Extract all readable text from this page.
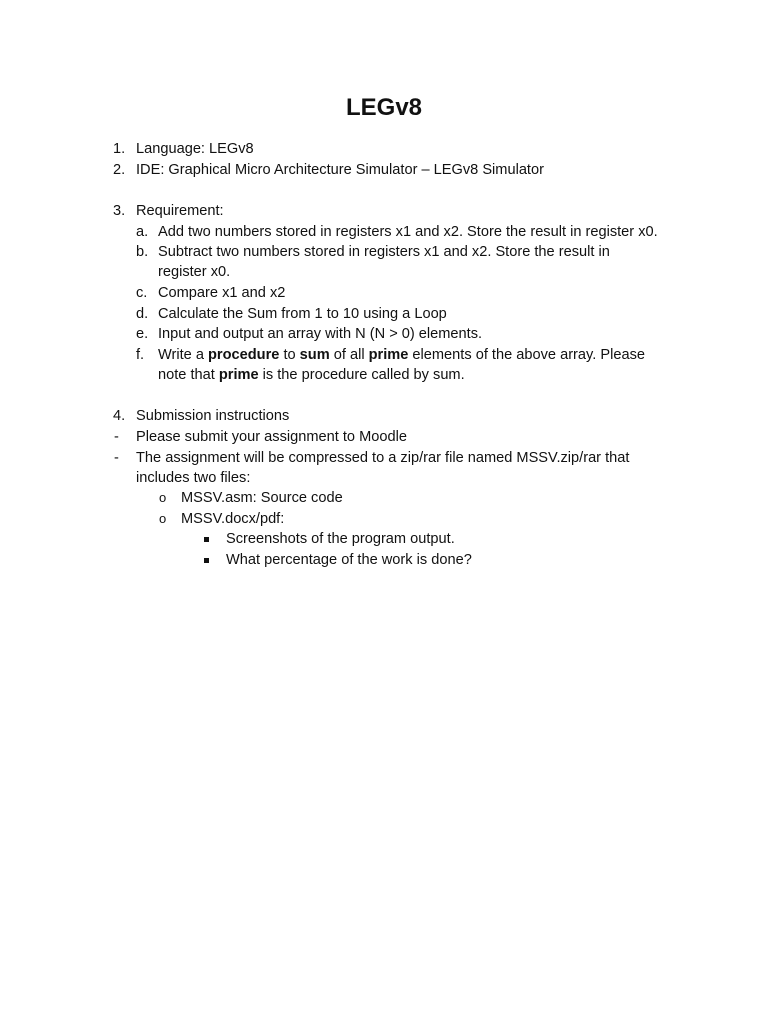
LEGv8
1. Language: LEGv8
2. IDE: Graphical Micro Architecture Simulator – LEGv8 Simulator
3. Requirement:
a. Add two numbers stored in registers x1 and x2. Store the result in register x0.
b. Subtract two numbers stored in registers x1 and x2. Store the result in
register x0.
c. Compare x1 and x2
d. Calculate the Sum from 1 to 10 using a Loop
e. Input and output an array with N (N > 0) elements.
f. Write a procedure to sum of all prime elements of the above array. Please
note that prime is the procedure called by sum.
4. Submission instructions
- Please submit your assignment to Moodle
- The assignment will be compressed to a zip/rar file named MSSV.zip/rar that
includes two files:
o MSSV.asm: Source code
o MSSV.docx/pdf:
Screenshots of the program output.
What percentage of the work is done?
